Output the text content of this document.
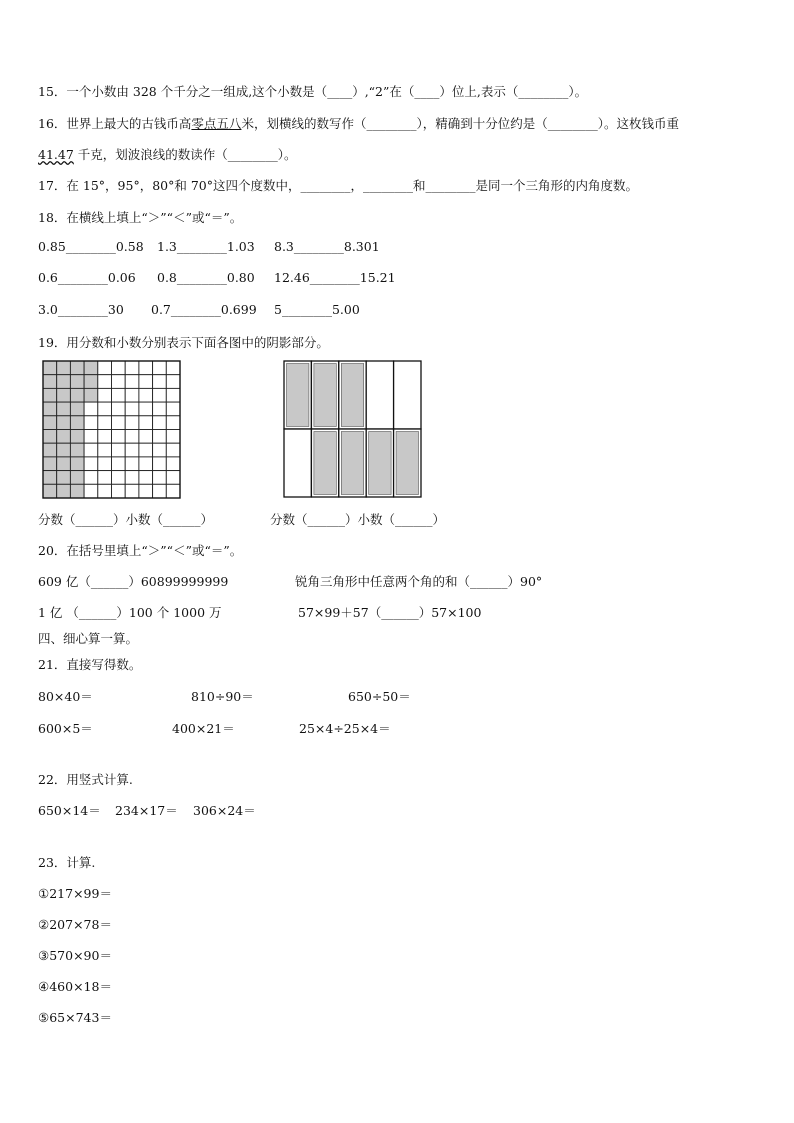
15．一个小数由 328 个千分之一组成,这个小数是（____）,“2”在（____）位上,表示（________）。
16．世界上最大的古钱币高零点五八米，划横线的数写作（________），精确到十分位约是（________）。这枚钱币重
41.47 千克，划波浪线的数读作（________）。
17．在 15°，95°，80°和 70°这四个度数中，________，________和________是同一个三角形的内角度数。
18．在横线上填上“＞”“＜”或“＝”。
0.85________0.58 1.3________1.03 8.3________8.301
0.6________0.06 0.8________0.80 12.46________15.21
3.0________30 0.7________0.699 5________5.00
19．用分数和小数分别表示下面各图中的阴影部分。
分数（______）小数（______）	分数（______）小数（______）
20．在括号里填上“＞”“＜”或“＝”。
609 亿（______）60899999999	锐角三角形中任意两个角的和（______）90°
1 亿 （______）100 个 1000 万	57×99＋57（______）57×100
四、细心算一算。
21．直接写得数。
80×40＝	810÷90＝	650÷50＝
600×5＝	400×21＝	25×4÷25×4＝
22．用竖式计算.
650×14＝ 234×17＝ 306×24＝
23．计算.
①217×99＝
②207×78＝
③570×90＝
④460×18＝
⑤65×743＝
